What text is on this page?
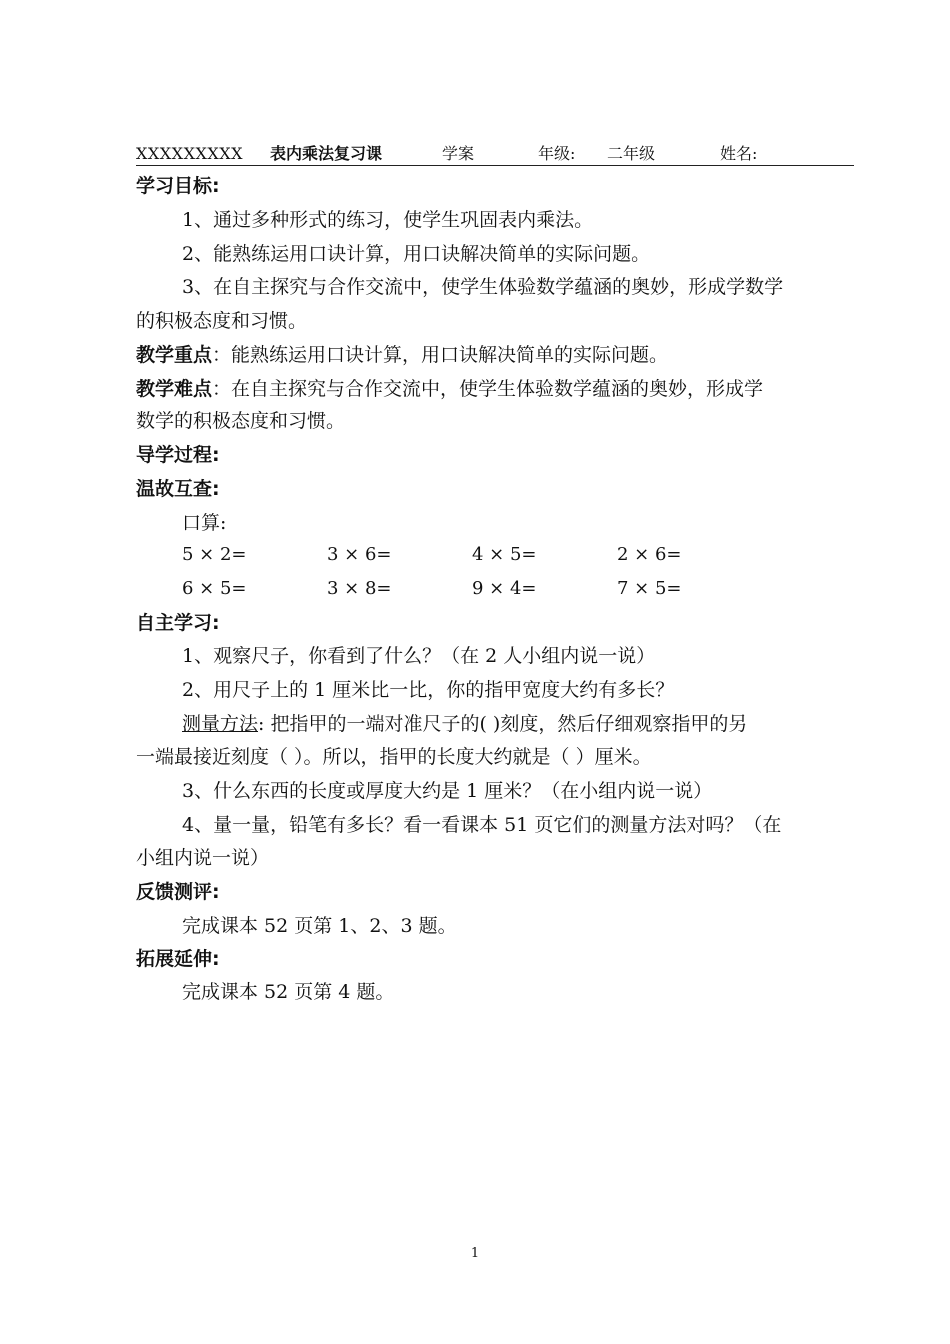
XXXXXXXXX 表内乘法复习课	学案	年级: 二年级	姓名:
学习目标:
1、通过多种形式的练习，使学生巩固表内乘法。
2、能熟练运用口诀计算，用口诀解决简单的实际问题。
3、在自主探究与合作交流中，使学生体验数学蕴涵的奥妙，形成学数学
的积极态度和习惯。
教学重点：能熟练运用口诀计算，用口诀解决简单的实际问题。
教学难点：在自主探究与合作交流中，使学生体验数学蕴涵的奥妙，形成学
数学的积极态度和习惯。
导学过程:
温故互查:
口算:
5 × 2=	3 × 6=	4 × 5=	2 × 6=
6 × 5=	3 × 8=	9 × 4=	7 × 5=
自主学习:
1、观察尺子，你看到了什么？（在 2 人小组内说一说）
2、用尺子上的 1 厘米比一比，你的指甲宽度大约有多长？
测量方法: 把指甲的一端对准尺子的( )刻度，然后仔细观察指甲的另
一端最接近刻度（ ）。所以，指甲的长度大约就是（ ）厘米。
3、什么东西的长度或厚度大约是 1 厘米？（在小组内说一说）
4、量一量，铅笔有多长？看一看课本 51 页它们的测量方法对吗？（在
小组内说一说）
反馈测评:
完成课本 52 页第 1、2、3 题。
拓展延伸:
完成课本 52 页第 4 题。
1
